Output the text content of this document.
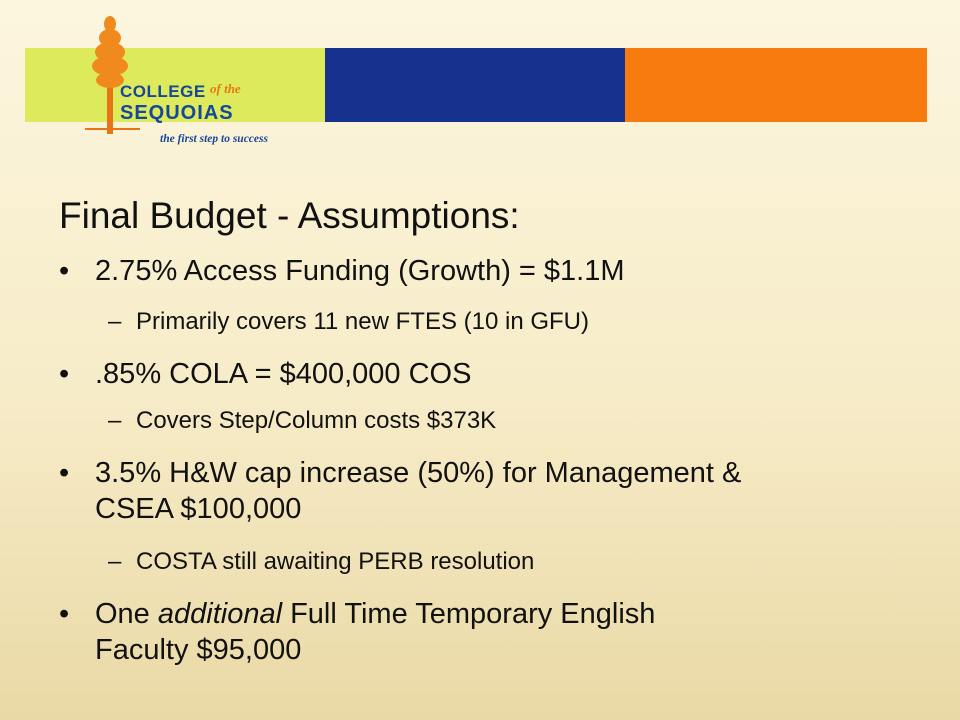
COLLEGE of the
SEQUOIAS
the first step to success
Final Budget - Assumptions:
• 2.75% Access Funding (Growth) = $1.1M
– Primarily covers 11 new FTES (10 in GFU)
• .85% COLA = $400,000 COS
– Covers Step/Column costs $373K
• 3.5% H&W cap increase (50%) for Management &
CSEA $100,000
– COSTA still awaiting PERB resolution
• One additional Full Time Temporary English
Faculty $95,000
